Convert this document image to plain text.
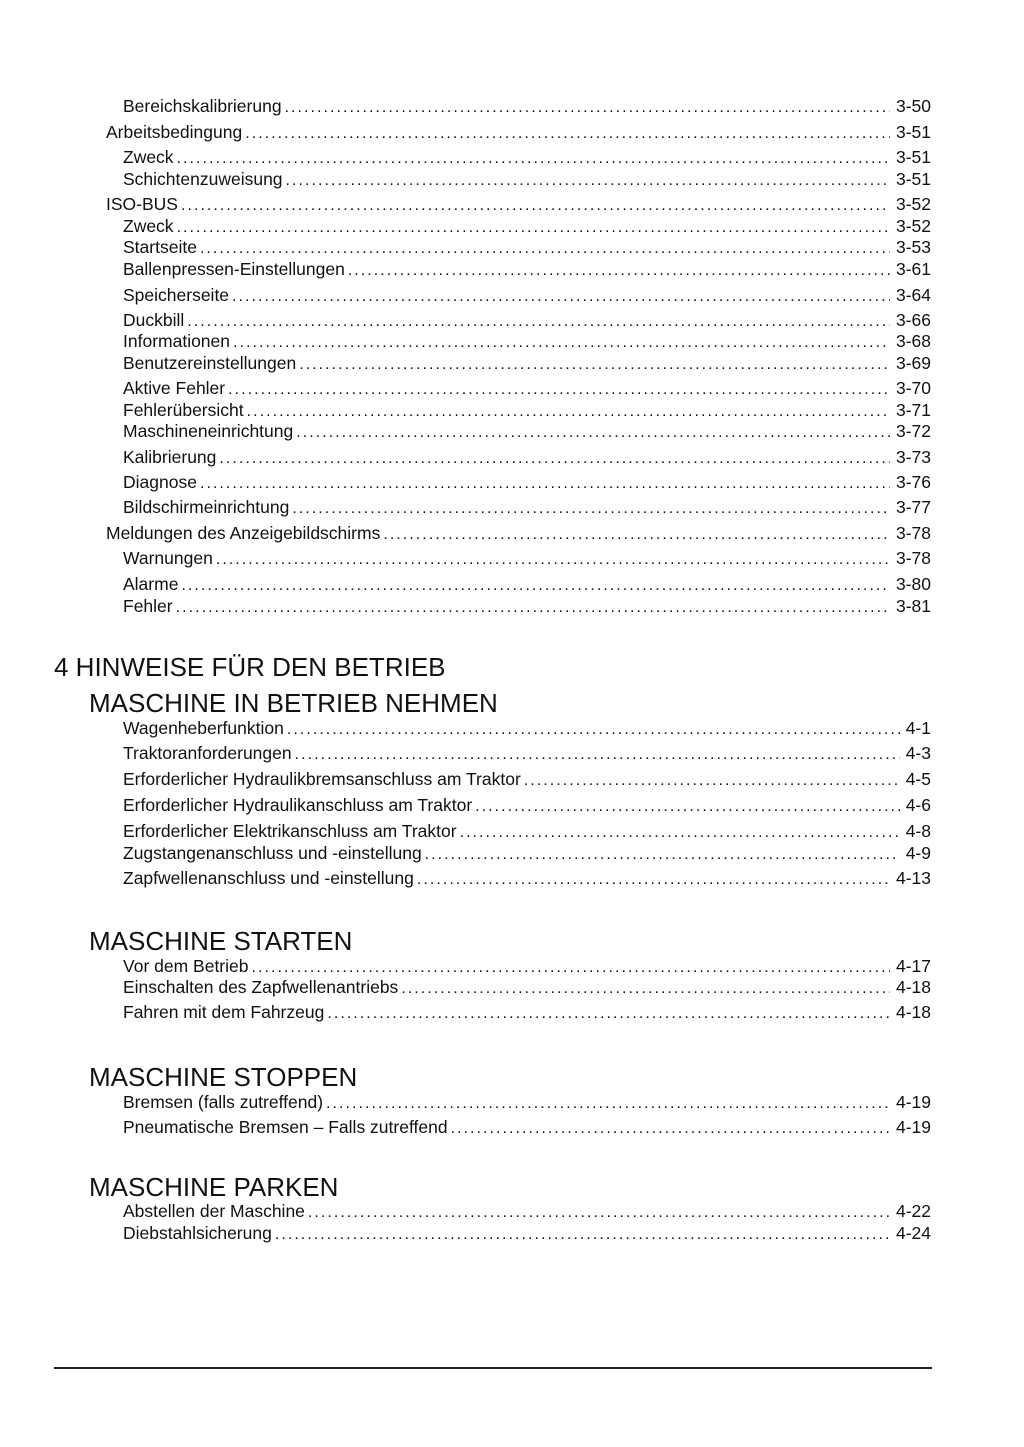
Bereichskalibrierung . . .	3-50
Arbeitsbedingung . . .	3-51
Zweck . . .	3-51
Schichtenzuweisung . . .	3-51
ISO-BUS . . .	3-52
Zweck . . .	3-52
Startseite . . .	3-53
Ballenpressen-Einstellungen . . .	3-61
Speicherseite . . .	3-64
Duckbill . . .	3-66
Informationen . . .	3-68
Benutzereinstellungen . . .	3-69
Aktive Fehler . . .	3-70
Fehlerübersicht . . .	3-71
Maschineneinrichtung . . .	3-72
Kalibrierung . . .	3-73
Diagnose . . .	3-76
Bildschirmeinrichtung . . .	3-77
Meldungen des Anzeigebildschirms . . .	3-78
Warnungen . . .	3-78
Alarme . . .	3-80
Fehler . . .	3-81
4 HINWEISE FÜR DEN BETRIEB
MASCHINE IN BETRIEB NEHMEN
Wagenheberfunktion . . .	4-1
Traktoranforderungen . . .	4-3
Erforderlicher Hydraulikbremsanschluss am Traktor . . .	4-5
Erforderlicher Hydraulikanschluss am Traktor . . .	4-6
Erforderlicher Elektrikanschluss am Traktor . . .	4-8
Zugstangenanschluss und -einstellung . . .	4-9
Zapfwellenanschluss und -einstellung . . .	4-13
MASCHINE STARTEN
Vor dem Betrieb . . .	4-17
Einschalten des Zapfwellenantriebs . . .	4-18
Fahren mit dem Fahrzeug . . .	4-18
MASCHINE STOPPEN
Bremsen (falls zutreffend) . . .	4-19
Pneumatische Bremsen – Falls zutreffend . . .	4-19
MASCHINE PARKEN
Abstellen der Maschine . . .	4-22
Diebstahlsicherung . . .	4-24
